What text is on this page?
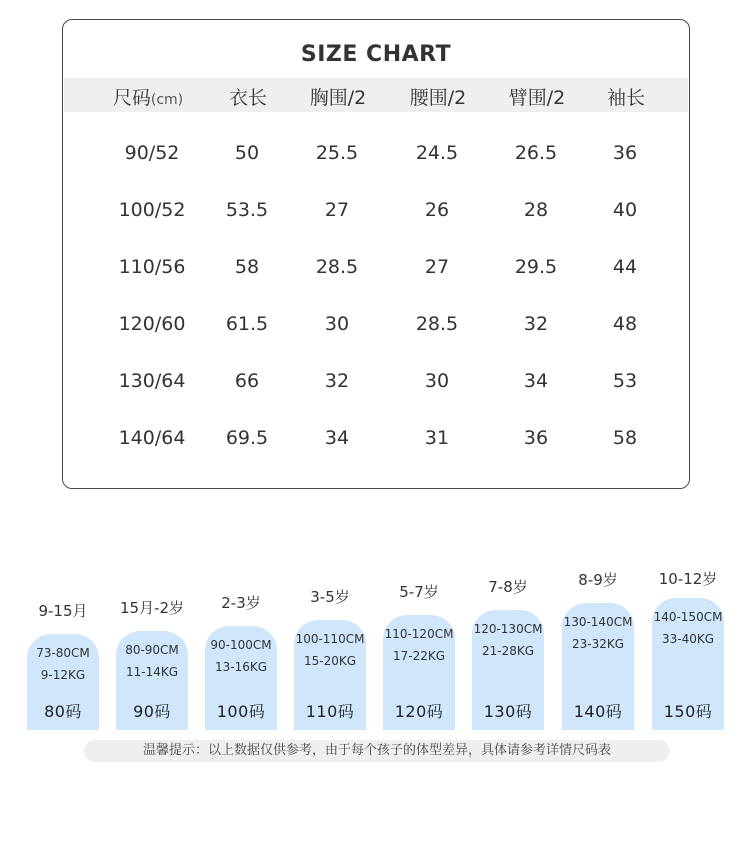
SIZE CHART
尺码(cm) 衣长 胸围/2 腰围/2 臂围/2 袖长
90/52	50	25.5	24.5	26.5	36
100/52 53.5	27	26	28	40
110/56	58	28.5	27	29.5	44
120/60 61.5	30	28.5	32	48
130/64	66	32	30	34	53
140/64 69.5	34	31	36	58
9-15月
73-80CM
9-12KG
80码
15月-2岁
80-90CM
11-14KG
90码
2-3岁
90-100CM
13-16KG
100码
3-5岁
100-110CM
15-20KG
110码
5-7岁
110-120CM
17-22KG
120码
7-8岁
120-130CM
21-28KG
130码
8-9岁
130-140CM
23-32KG
140码
10-12岁
140-150CM
33-40KG
150码
温馨提示：以上数据仅供参考，由于每个孩子的体型差异，具体请参考详情尺码表
